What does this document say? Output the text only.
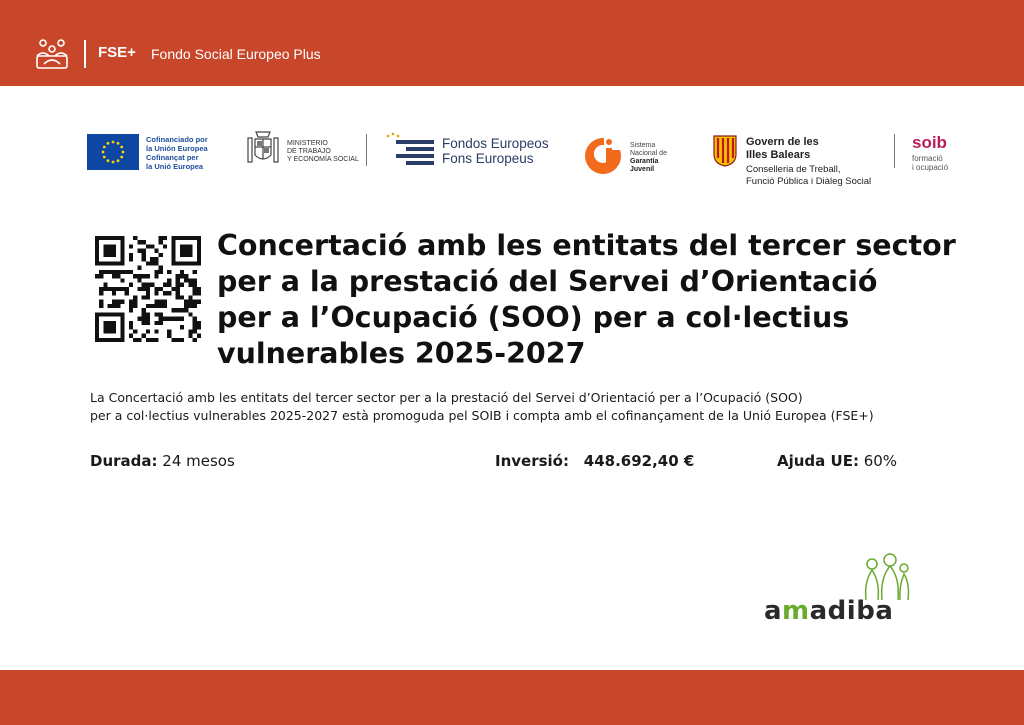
FSE+ Fondo Social Europeo Plus
Cofinanciado por
la Unión Europea
Cofinançat per
la Unió Europea
MINISTERIO
DE TRABAJO
Y ECONOMÍA SOCIAL
Fondos Europeos
Fons Europeus
Sistema
Nacional de
Garantía
Juvenil
Govern de les
Illes Balears
Conselleria de Treball,
Funció Pública i Diàleg Social
soib
formació
i ocupació
Concertació amb les entitats del tercer sector
per a la prestació del Servei d’Orientació
per a l’Ocupació (SOO) per a col·lectius
vulnerables 2025-2027
La Concertació amb les entitats del tercer sector per a la prestació del Servei d’Orientació per a l’Ocupació (SOO)
per a col·lectius vulnerables 2025-2027 està promoguda pel SOIB i compta amb el cofinançament de la Unió Europea (FSE+)
Durada: 24 mesos	Inversió: 448.692,40 €	Ajuda UE: 60%
amadiba
